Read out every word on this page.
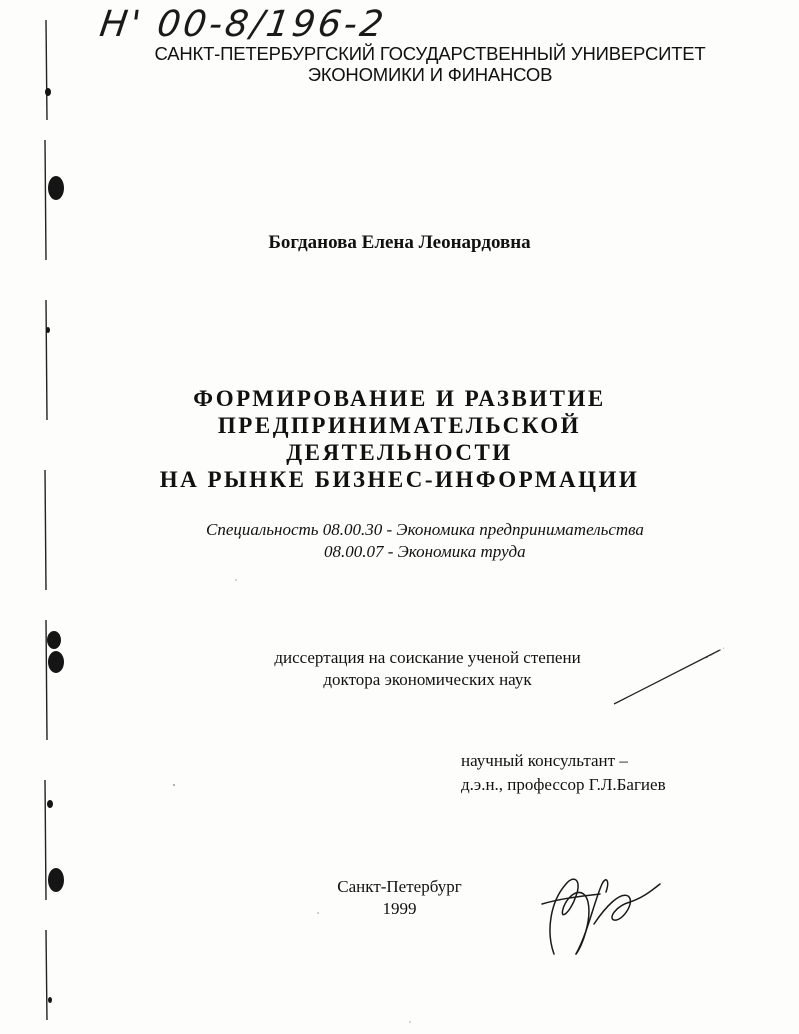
Н' 00-8/196-2
САНКТ-ПЕТЕРБУРГСКИЙ ГОСУДАРСТВЕННЫЙ УНИВЕРСИТЕТ
ЭКОНОМИКИ И ФИНАНСОВ
Богданова Елена Леонардовна
ФОРМИРОВАНИЕ И РАЗВИТИЕ
ПРЕДПРИНИМАТЕЛЬСКОЙ
ДЕЯТЕЛЬНОСТИ
НА РЫНКЕ БИЗНЕС-ИНФОРМАЦИИ
Специальность 08.00.30 - Экономика предпринимательства
08.00.07 - Экономика труда
диссертация на соискание ученой степени
доктора экономических наук
научный консультант –
д.э.н., профессор Г.Л.Багиев
Санкт-Петербург
1999
